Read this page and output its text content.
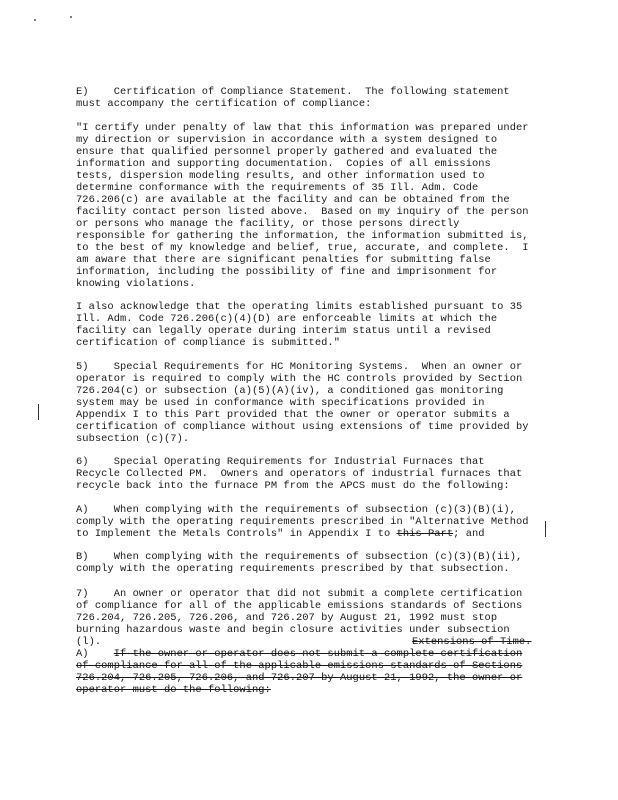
E)    Certification of Compliance Statement.  The following statement
must accompany the certification of compliance:
"I certify under penalty of law that this information was prepared under
my direction or supervision in accordance with a system designed to
ensure that qualified personnel properly gathered and evaluated the
information and supporting documentation.  Copies of all emissions
tests, dispersion modeling results, and other information used to
determine conformance with the requirements of 35 Ill. Adm. Code
726.206(c) are available at the facility and can be obtained from the
facility contact person listed above.  Based on my inquiry of the person
or persons who manage the facility, or those persons directly
responsible for gathering the information, the information submitted is,
to the best of my knowledge and belief, true, accurate, and complete.  I
am aware that there are significant penalties for submitting false
information, including the possibility of fine and imprisonment for
knowing violations.
I also acknowledge that the operating limits established pursuant to 35
Ill. Adm. Code 726.206(c)(4)(D) are enforceable limits at which the
facility can legally operate during interim status until a revised
certification of compliance is submitted."
5)    Special Requirements for HC Monitoring Systems.  When an owner or
operator is required to comply with the HC controls provided by Section
726.204(c) or subsection (a)(5)(A)(iv), a conditioned gas monitoring
system may be used in conformance with specifications provided in
Appendix I to this Part provided that the owner or operator submits a
certification of compliance without using extensions of time provided by
subsection (c)(7).
6)    Special Operating Requirements for Industrial Furnaces that
Recycle Collected PM.  Owners and operators of industrial furnaces that
recycle back into the furnace PM from the APCS must do the following:
A)    When complying with the requirements of subsection (c)(3)(B)(i),
comply with the operating requirements prescribed in "Alternative Method
to Implement the Metals Controls" in Appendix I to this Part; and
B)    When complying with the requirements of subsection (c)(3)(B)(ii),
comply with the operating requirements prescribed by that subsection.
7)    An owner or operator that did not submit a complete certification
of compliance for all of the applicable emissions standards of Sections
726.204, 726.205, 726.206, and 726.207 by August 21, 1992 must stop
burning hazardous waste and begin closure activities under subsection
(l).	Extensions of Time.
A)    If the owner or operator does not submit a complete certification
of compliance for all of the applicable emissions standards of Sections
726.204, 726.205, 726.206, and 726.207 by August 21, 1992, the owner or
operator must do the following:
